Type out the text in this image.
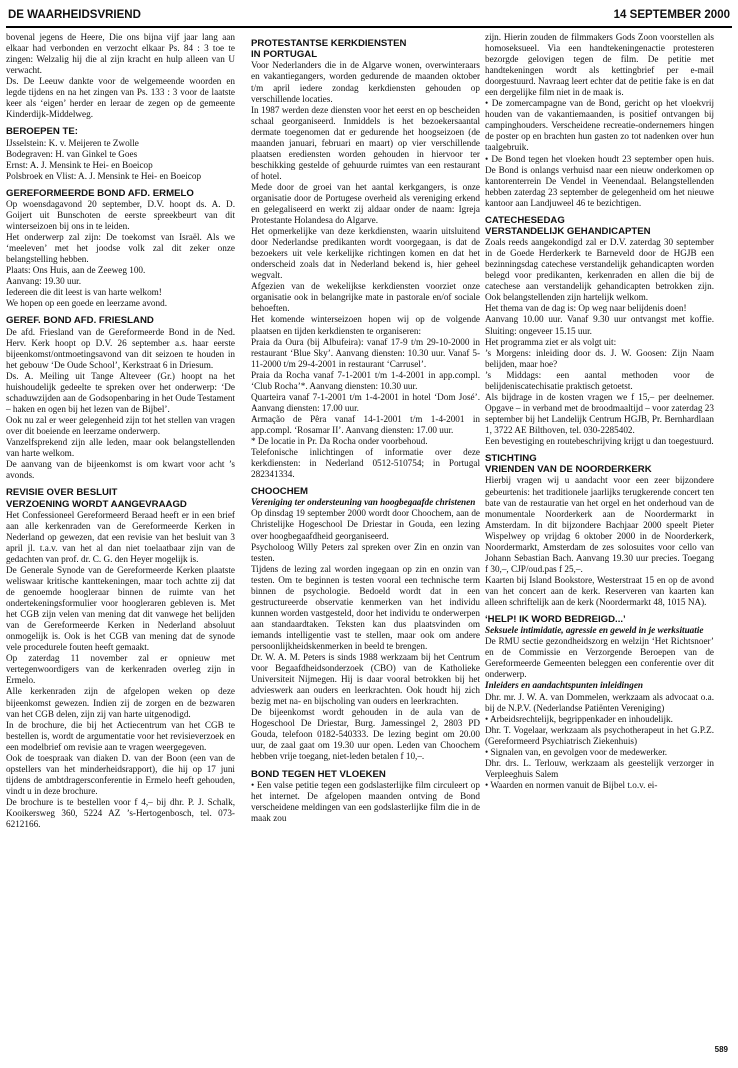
DE WAARHEIDSVRIEND	14 SEPTEMBER 2000

bovenal jegens de Heere, Die ons bijna vijf jaar lang aan elkaar had verbonden en verzocht elkaar Ps. 84 : 3 toe te zingen: Welzalig hij die al zijn kracht en hulp alleen van U verwacht.

Ds. De Leeuw dankte voor de welgemeende woorden en legde tijdens en na het zingen van Ps. 133 : 3 voor de laatste keer als ‘eigen’ herder en leraar de zegen op de gemeente Kinderdijk-Middelweg.

BEROEPEN TE:

IJsselstein: K. v. Meijeren te Zwolle

Bodegraven: H. van Ginkel te Goes

Ernst: A. J. Mensink te Hei- en Boeicop

Polsbroek en Vlist: A. J. Mensink te Hei- en Boeicop

GEREFORMEERDE BOND AFD. ERMELO

Op woensdagavond 20 september, D.V. hoopt ds. A. D. Goijert uit Bunschoten de eerste spreekbeurt van dit winterseizoen bij ons in te leiden.

Het onderwerp zal zijn: De toekomst van Israël. Als we ‘meeleven’ met het joodse volk zal dit zeker onze belangstelling hebben.

Plaats: Ons Huis, aan de Zeeweg 100.

Aanvang: 19.30 uur.

Iedereen die dit leest is van harte welkom!

We hopen op een goede en leerzame avond.

GEREF. BOND AFD. FRIESLAND

De afd. Friesland van de Gereformeerde Bond in de Ned. Herv. Kerk hoopt op D.V. 26 september a.s. haar eerste bijeenkomst/ontmoetingsavond van dit seizoen te houden in het gebouw ‘De Oude School’, Kerkstraat 6 in Driesum.

Ds. A. Meiling uit Tange Alteveer (Gr.) hoopt na het huishoudelijk gedeelte te spreken over het onderwerp: ‘De schaduwzijden aan de Godsopenbaring in het Oude Testament – haken en ogen bij het lezen van de Bijbel’.

Ook nu zal er weer gelegenheid zijn tot het stellen van vragen over dit boeiende en leerzame onderwerp.

Vanzelfsprekend zijn alle leden, maar ook belangstellenden van harte welkom.

De aanvang van de bijeenkomst is om kwart voor acht ’s avonds.

REVISIE OVER BESLUIT
VERZOENING WORDT AANGEVRAAGD

Het Confessioneel Gereformeerd Beraad heeft er in een brief aan alle kerkenraden van de Gereformeerde Kerken in Nederland op gewezen, dat een revisie van het besluit van 3 april jl. t.a.v. van het al dan niet toelaatbaar zijn van de gedachten van prof. dr. C. G. den Heyer mogelijk is.

De Generale Synode van de Gereformeerde Kerken plaatste weliswaar kritische kanttekeningen, maar toch achtte zij dat de genoemde hoogleraar binnen de ruimte van het ondertekeningsformulier voor hoogleraren gebleven is. Met het CGB zijn velen van mening dat dit vanwege het belijden van de Gereformeerde Kerken in Nederland absoluut onmogelijk is. Ook is het CGB van mening dat de synode vele procedurele fouten heeft gemaakt.

Op zaterdag 11 november zal er opnieuw met vertegenwoordigers van de kerkenraden overleg zijn in Ermelo.

Alle kerkenraden zijn de afgelopen weken op deze bijeenkomst gewezen. Indien zij de zorgen en de bezwaren van het CGB delen, zijn zij van harte uitgenodigd.

In de brochure, die bij het Actiecentrum van het CGB te bestellen is, wordt de argumentatie voor het revisieverzoek en een modelbrief om revisie aan te vragen weergegeven.

Ook de toespraak van diaken D. van der Boon (een van de opstellers van het minderheidsrapport), die hij op 17 juni tijdens de ambtdragersconferentie in Ermelo heeft gehouden, vindt u in deze brochure.

De brochure is te bestellen voor f 4,– bij dhr. P. J. Schalk, Kooikersweg 360, 5224 AZ ’s-Hertogenbosch, tel. 073-6212166.

PROTESTANTSE KERKDIENSTEN
IN PORTUGAL

Voor Nederlanders die in de Algarve wonen, overwinteraars en vakantiegangers, worden gedurende de maanden oktober t/m april iedere zondag kerkdiensten gehouden op verschillende locaties.

In 1987 werden deze diensten voor het eerst en op bescheiden schaal georganiseerd. Inmiddels is het bezoekersaantal dermate toegenomen dat er gedurende het hoogseizoen (de maanden januari, februari en maart) op vier verschillende plaatsen erediensten worden gehouden in hiervoor ter beschikking gestelde of gehuurde ruimtes van een restaurant of hotel.

Mede door de groei van het aantal kerkgangers, is onze organisatie door de Portugese overheid als vereniging erkend en gelegaliseerd en werkt zij aldaar onder de naam: Igreja Protestante Holandesa do Algarve.

Het opmerkelijke van deze kerkdiensten, waarin uitsluitend door Nederlandse predikanten wordt voorgegaan, is dat de bezoekers uit vele kerkelijke richtingen komen en dat het onderscheid zoals dat in Nederland bekend is, hier geheel wegvalt.

Afgezien van de wekelijkse kerkdiensten voorziet onze organisatie ook in belangrijke mate in pastorale en/of sociale behoeften.

Het komende winterseizoen hopen wij op de volgende plaatsen en tijden kerkdiensten te organiseren:

Praia da Oura (bij Albufeira): vanaf 17-9 t/m 29-10-2000 in restaurant ‘Blue Sky’. Aanvang diensten: 10.30 uur. Vanaf 5-11-2000 t/m 29-4-2001 in restaurant ‘Carrusel’.

Praia da Rocha vanaf 7-1-2001 t/m 1-4-2001 in app.compl. ‘Club Rocha’*. Aanvang diensten: 10.30 uur.

Quarteira vanaf 7-1-2001 t/m 1-4-2001 in hotel ‘Dom José’. Aanvang diensten: 17.00 uur.

Armação de Pêra vanaf 14-1-2001 t/m 1-4-2001 in app.compl. ‘Rosamar II’. Aanvang diensten: 17.00 uur.

* De locatie in Pr. Da Rocha onder voorbehoud.

Telefonische inlichtingen of informatie over deze kerkdiensten: in Nederland 0512-510754; in Portugal 282341334.

CHOOCHEM
Vereniging ter ondersteuning van hoogbegaafde christenen

Op dinsdag 19 september 2000 wordt door Choochem, aan de Christelijke Hogeschool De Driestar in Gouda, een lezing over hoogbegaafdheid georganiseerd.

Psycholoog Willy Peters zal spreken over Zin en onzin van testen.

Tijdens de lezing zal worden ingegaan op zin en onzin van testen. Om te beginnen is testen vooral een technische term binnen de psychologie. Bedoeld wordt dat in een gestructureerde observatie kenmerken van het individu kunnen worden vastgesteld, door het individu te onderwerpen aan standaardtaken. Teksten kan dus plaatsvinden om iemands intelligentie vast te stellen, maar ook om andere persoonlijkheidskenmerken in beeld te brengen.

Dr. W. A. M. Peters is sinds 1988 werkzaam bij het Centrum voor Begaafdheidsonderzoek (CBO) van de Katholieke Universiteit Nijmegen. Hij is daar vooral betrokken bij het advieswerk aan ouders en leerkrachten. Ook houdt hij zich bezig met na- en bijscholing van ouders en leerkrachten.

De bijeenkomst wordt gehouden in de aula van de Hogeschool De Driestar, Burg. Jamessingel 2, 2803 PD Gouda, telefoon 0182-540333. De lezing begint om 20.00 uur, de zaal gaat om 19.30 uur open. Leden van Choochem hebben vrije toegang, niet-leden betalen f 10,–.

BOND TEGEN HET VLOEKEN

• Een valse petitie tegen een godslasterlijke film circuleert op het internet. De afgelopen maanden ontving de Bond verscheidene meldingen van een godslasterlijke film die in de maak zou

zijn. Hierin zouden de filmmakers Gods Zoon voorstellen als homoseksueel. Via een handtekeningenactie protesteren bezorgde gelovigen tegen de film. De petitie met handtekeningen wordt als kettingbrief per e-mail doorgestuurd. Navraag leert echter dat de petitie fake is en dat een dergelijke film niet in de maak is.

• De zomercampagne van de Bond, gericht op het vloekvrij houden van de vakantiemaanden, is positief ontvangen bij campinghouders. Verscheidene recreatie-ondernemers hingen de poster op en brachten hun gasten zo tot nadenken over hun taalgebruik.

• De Bond tegen het vloeken houdt 23 september open huis. De Bond is onlangs verhuisd naar een nieuw onderkomen op kantorenterrein De Vendel in Veenendaal. Belangstellenden hebben zaterdag 23 september de gelegenheid om het nieuwe kantoor aan Landjuweel 46 te bezichtigen.

CATECHESEDAG
VERSTANDELIJK GEHANDICAPTEN

Zoals reeds aangekondigd zal er D.V. zaterdag 30 september in de Goede Herderkerk te Barneveld door de HGJB een bezinningsdag catechese verstandelijk gehandicapten worden belegd voor predikanten, kerkenraden en allen die bij de catechese aan verstandelijk gehandicapten betrokken zijn. Ook belangstellenden zijn hartelijk welkom.

Het thema van de dag is: Op weg naar belijdenis doen!

Aanvang 10.00 uur. Vanaf 9.30 uur ontvangst met koffie. Sluiting: ongeveer 15.15 uur.

Het programma ziet er als volgt uit:

’s Morgens: inleiding door ds. J. W. Goosen: Zijn Naam belijden, maar hoe?

’s Middags: een aantal methoden voor de belijdeniscatechisatie praktisch getoetst.

Als bijdrage in de kosten vragen we f 15,– per deelnemer. Opgave – in verband met de broodmaaltijd – voor zaterdag 23 september bij het Landelijk Centrum HGJB, Pr. Bernhardlaan 1, 3722 AE Bilthoven, tel. 030-2285402.

Een bevestiging en routebeschrijving krijgt u dan toegestuurd.

STICHTING
VRIENDEN VAN DE NOORDERKERK

Hierbij vragen wij u aandacht voor een zeer bijzondere gebeurtenis: het traditionele jaarlijks terugkerende concert ten bate van de restauratie van het orgel en het onderhoud van de monumentale Noorderkerk aan de Noordermarkt in Amsterdam. In dit bijzondere Bachjaar 2000 speelt Pieter Wispelwey op vrijdag 6 oktober 2000 in de Noorderkerk, Noordermarkt, Amsterdam de zes solosuites voor cello van Johann Sebastian Bach. Aanvang 19.30 uur precies. Toegang f 30,–, CJP/oud.pas f 25,–.

Kaarten bij Island Bookstore, Westerstraat 15 en op de avond van het concert aan de kerk. Reserveren van kaarten kan alleen schriftelijk aan de kerk (Noordermarkt 48, 1015 NA).

‘HELP! IK WORD BEDREIGD...’
Seksuele intimidatie, agressie en geweld in je werksituatie

De RMU sectie gezondheidszorg en welzijn ‘Het Richtsnoer’ en de Commissie en Verzorgende Beroepen van de Gereformeerde Gemeenten beleggen een conferentie over dit onderwerp.

Inleiders en aandachtspunten inleidingen

Dhr. mr. J. W. A. van Dommelen, werkzaam als advocaat o.a. bij de N.P.V. (Nederlandse Patiënten Vereniging)

• Arbeidsrechtelijk, begrippenkader en inhoudelijk.

Dhr. T. Vogelaar, werkzaam als psychotherapeut in het G.P.Z. (Gereformeerd Psychiatrisch Ziekenhuis)

• Signalen van, en gevolgen voor de medewerker.

Dhr. drs. L. Terlouw, werkzaam als geestelijk verzorger in Verpleeghuis Salem

• Waarden en normen vanuit de Bijbel t.o.v. ei-

589
